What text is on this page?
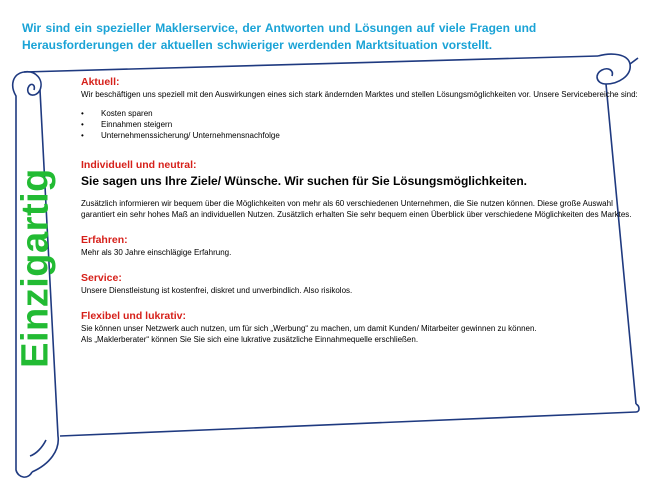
Wir sind ein spezieller Maklerservice, der Antworten und Lösungen auf viele Fragen und Herausforderungen der aktuellen schwieriger werdenden Marktsituation vorstellt.

Einzigartig
Aktuell:

Wir beschäftigen uns speziell mit den Auswirkungen eines sich stark ändernden Marktes und stellen Lösungsmöglichkeiten vor. Unsere Servicebereiche sind:

• Kosten sparen
• Einnahmen steigern
• Unternehmenssicherung/ Unternehmensnachfolge
Individuell und neutral:

Sie sagen uns Ihre Ziele/ Wünsche. Wir suchen für Sie Lösungsmöglichkeiten.

Zusätzlich informieren wir bequem über die Möglichkeiten von mehr als 60 verschiedenen Unternehmen, die Sie nutzen können. Diese große Auswahl garantiert ein sehr hohes Maß an individuellen Nutzen. Zusätzlich erhalten Sie sehr bequem einen Überblick über verschiedene Möglichkeiten des Marktes.

Erfahren:

Mehr als 30 Jahre einschlägige Erfahrung.

Service:

Unsere Dienstleistung ist kostenfrei, diskret und unverbindlich. Also risikolos.

Flexibel und lukrativ:

Sie können unser Netzwerk auch nutzen, um für sich „Werbung“ zu machen, um damit Kunden/ Mitarbeiter gewinnen zu können.

Als „Maklerberater“ können Sie Sie sich eine lukrative zusätzliche Einnahmequelle erschließen.
